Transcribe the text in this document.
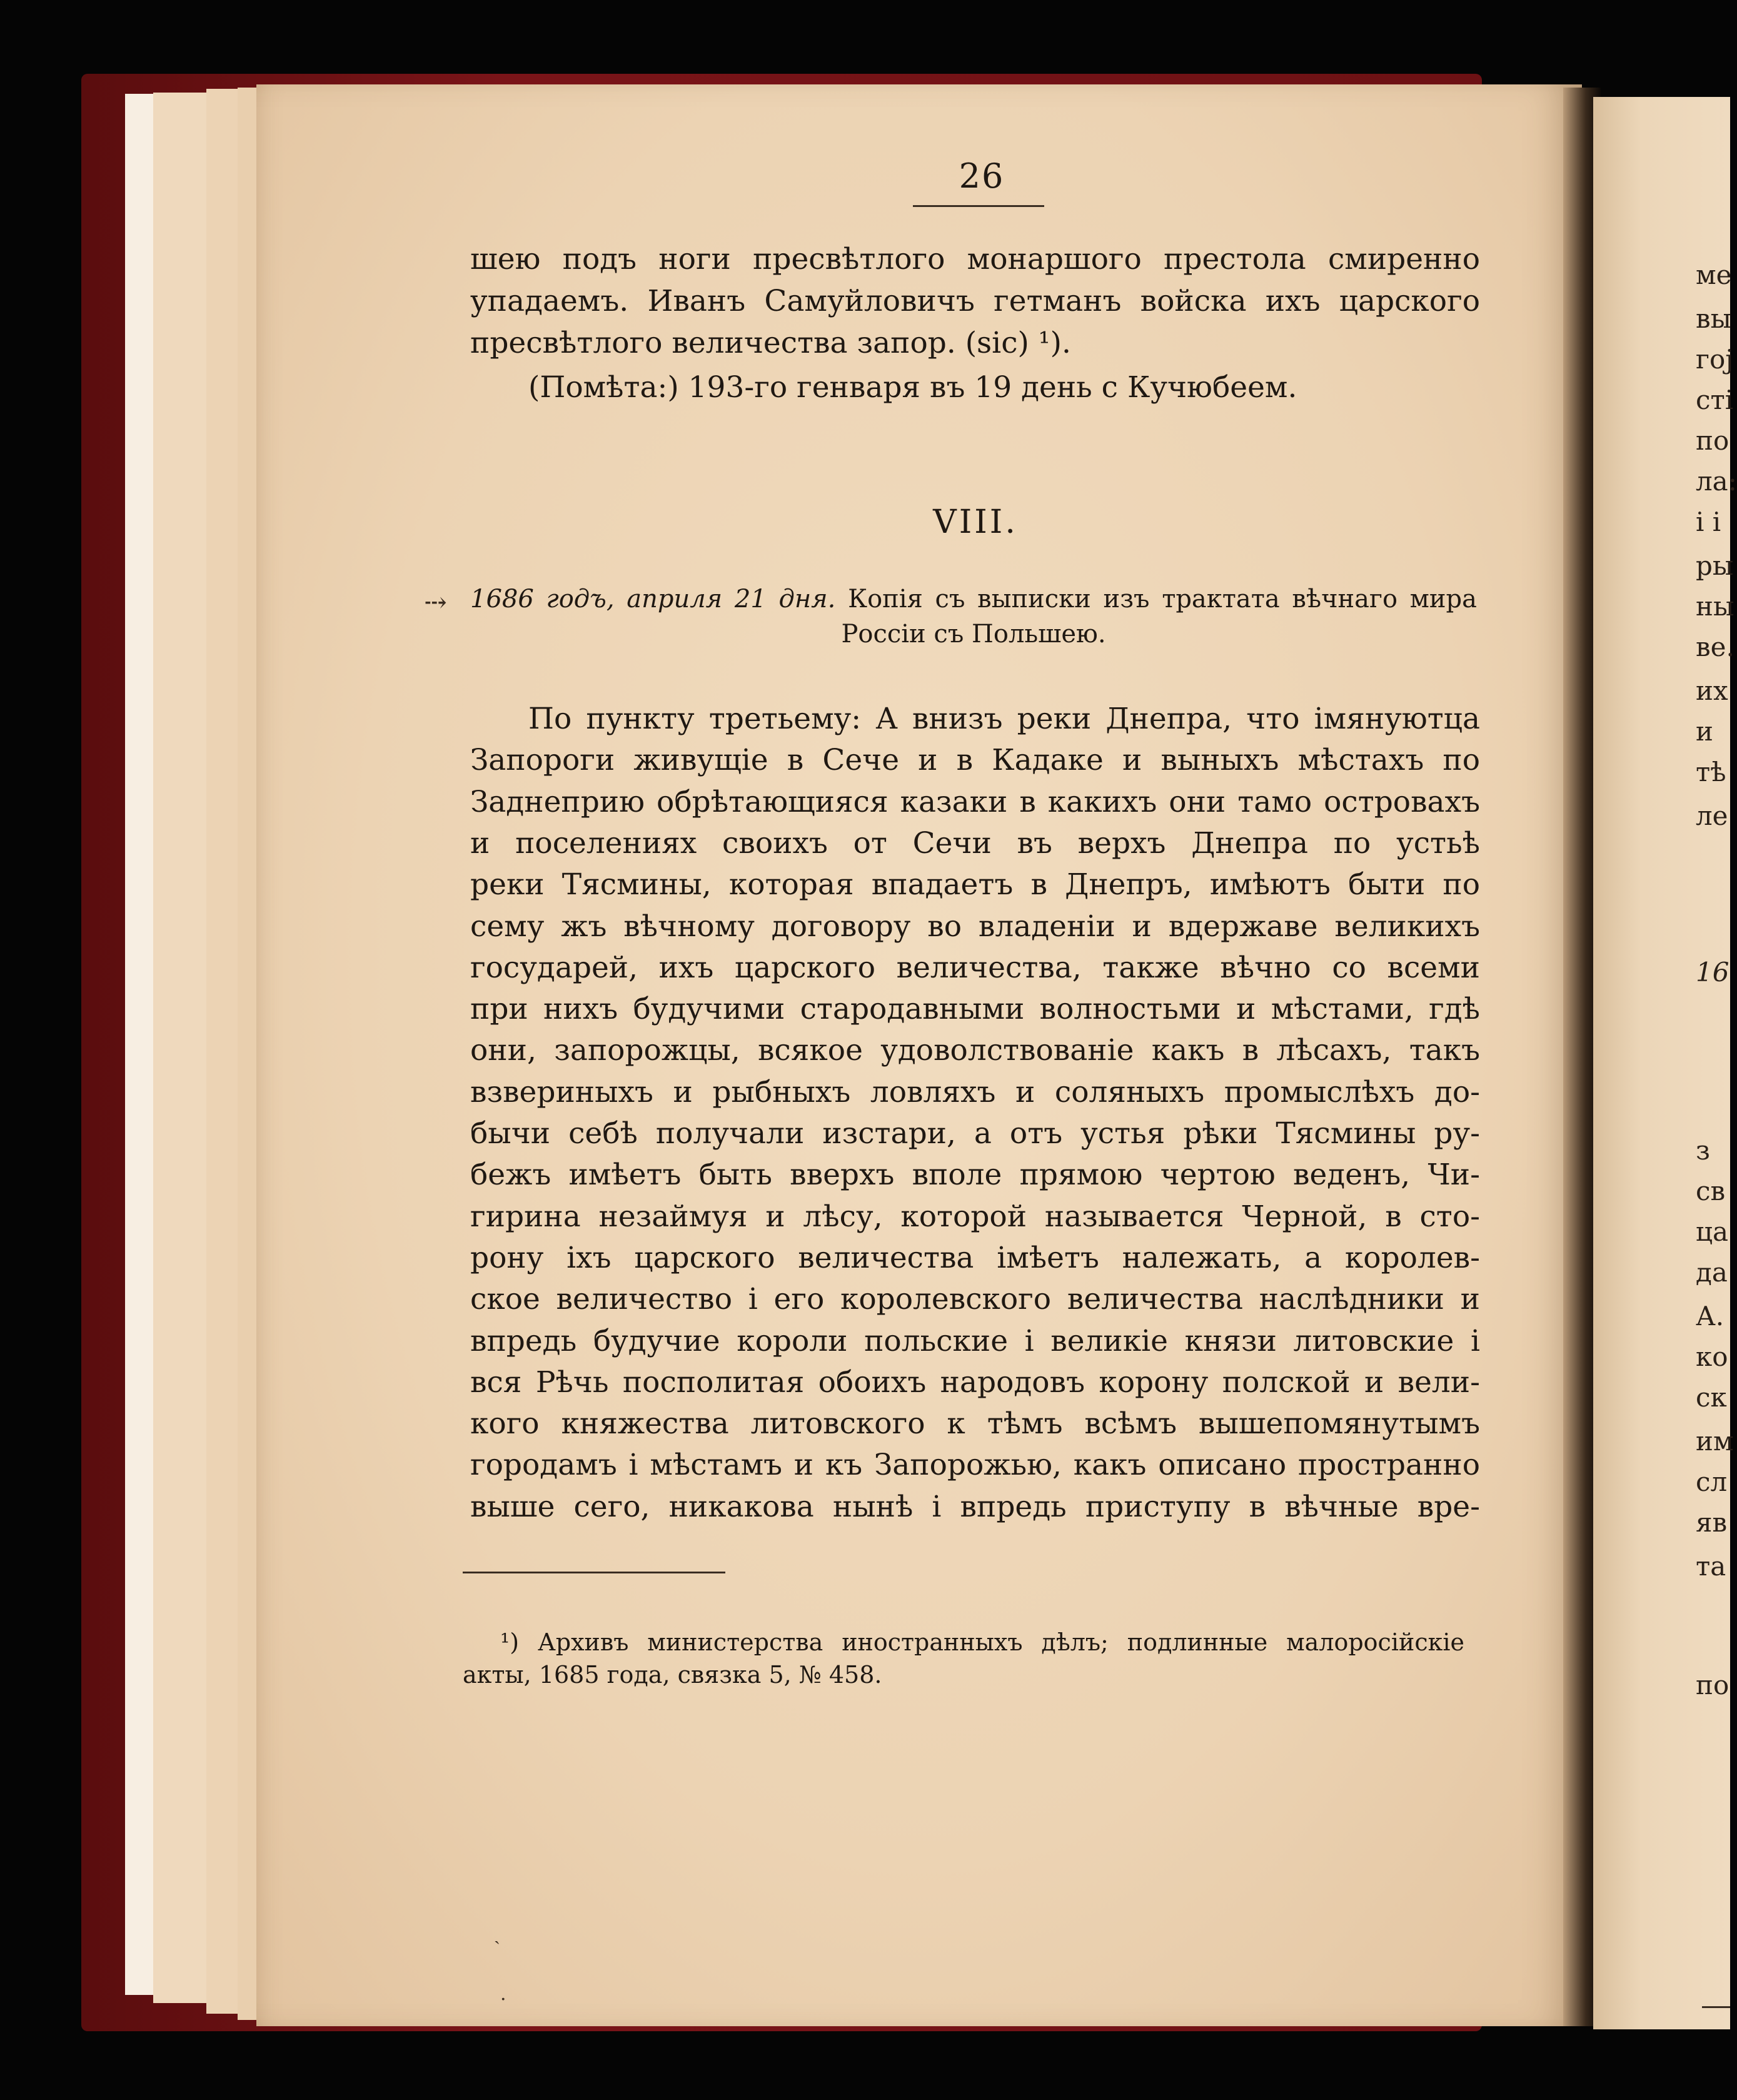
26
шею подъ ноги пресвѣтлого монаршого престола смиренно
упадаемъ. Иванъ Самуйловичъ гетманъ войска ихъ царского
пресвѣтлого величества запор. (sic) ¹).
(Помѣта:) 193-го генваря въ 19 день с Кучюбеем.
VIII.
⤏ 1686 годъ, априля 21 дня. Копія съ выписки изъ трактата вѣчнаго мира
Россіи съ Польшею.
По пункту третьему: А внизъ реки Днепра, что імянуютца
Запороги живущіе в Сече и в Кадаке и выныхъ мѣстахъ по
Заднеприю обрѣтающияся казаки в какихъ они тамо островахъ
и поселениях своихъ от Сечи въ верхъ Днепра по устьѣ
реки Тясмины, которая впадаетъ в Днепръ, имѣютъ быти по
сему жъ вѣчному договору во владеніи и вдержаве великихъ
государей, ихъ царского величества, также вѣчно со всеми
при нихъ будучими стародавными волностьми и мѣстами, гдѣ
они, запорожцы, всякое удоволствованіе какъ в лѣсахъ, такъ
взвериныхъ и рыбныхъ ловляхъ и соляныхъ промыслѣхъ до-
бычи себѣ получали изстари, а отъ устья рѣки Тясмины ру-
бежъ имѣетъ быть вверхъ вполе прямою чертою веденъ, Чи-
гирина незаймуя и лѣсу, которой называется Черной, в сто-
рону іхъ царского величества імѣетъ належать, а королев-
ское величество і его королевского величества наслѣдники и
впредь будучие короли польские і великіе князи литовские і
вся Рѣчь посполитая обоихъ народовъ корону полской и вели-
кого княжества литовского к тѣмъ всѣмъ вышепомянутымъ
городамъ і мѣстамъ и къ Запорожью, какъ описано пространно
выше сего, никакова нынѣ і впредь приступу в вѣчные вре-
¹) Архивъ министерства иностранныхъ дѣлъ; подлинные малоросійскіе
акты, 1685 года, связка 5, № 458.
ˏ
·
ме
вы
гој
сті
по
ла:
і і
ры
ны
ве.
их
и
тѣ
ле
16
з
св
ца
да
А.
ко
ск
им
сл
яв
та
по
